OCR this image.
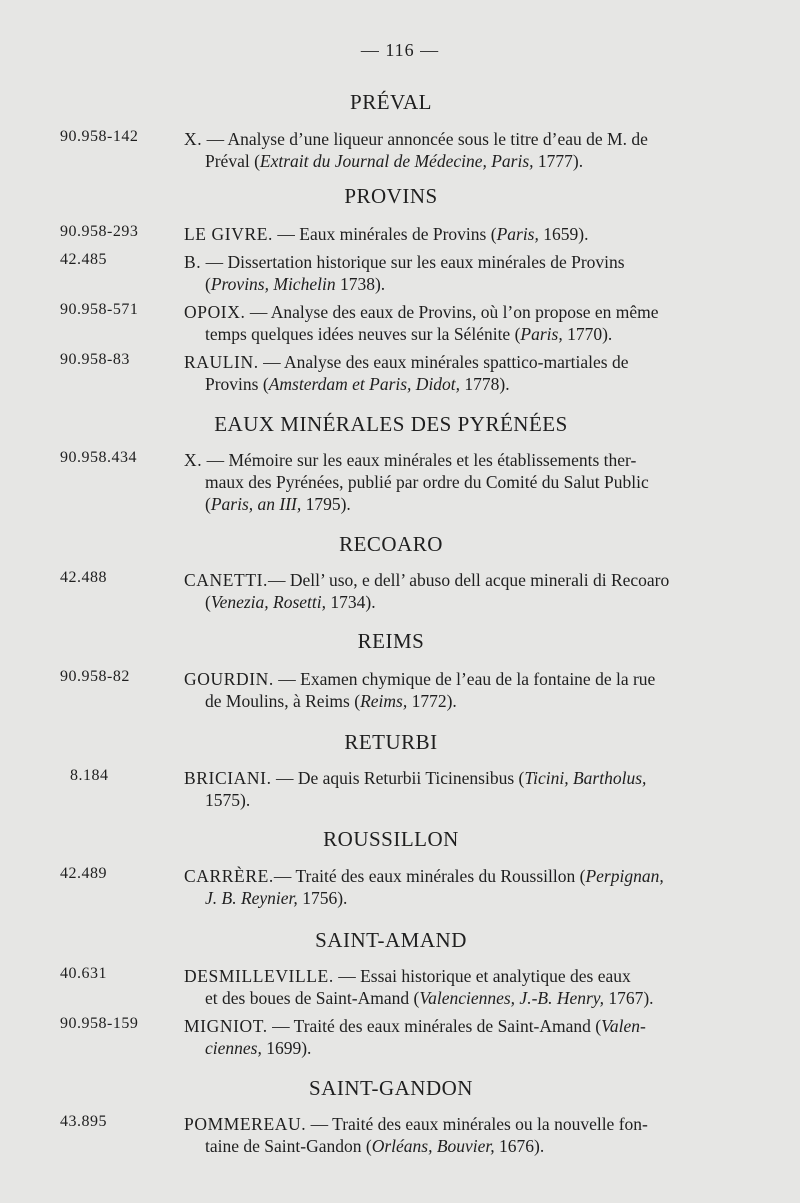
— 116 —
PRÉVAL
90.958-142	X. — Analyse d’une liqueur annoncée sous le titre d’eau de M. de
Préval (Extrait du Journal de Médecine, Paris, 1777).
PROVINS
90.958-293	LE GIVRE. — Eaux minérales de Provins (Paris, 1659).
42.485	B. — Dissertation historique sur les eaux minérales de Provins
(Provins, Michelin 1738).
90.958-571	OPOIX. — Analyse des eaux de Provins, où l’on propose en même
temps quelques idées neuves sur la Sélénite (Paris, 1770).
90.958-83	RAULIN. — Analyse des eaux minérales spattico-martiales de
Provins (Amsterdam et Paris, Didot, 1778).
EAUX MINÉRALES DES PYRÉNÉES
90.958.434	X. — Mémoire sur les eaux minérales et les établissements ther-
maux des Pyrénées, publié par ordre du Comité du Salut Public
(Paris, an III, 1795).
RECOARO
42.488	CANETTI.— Dell’ uso, e dell’ abuso dell acque minerali di Recoaro
(Venezia, Rosetti, 1734).
REIMS
90.958-82	GOURDIN. — Examen chymique de l’eau de la fontaine de la rue
de Moulins, à Reims (Reims, 1772).
RETURBI
8.184	BRICIANI. — De aquis Returbii Ticinensibus (Ticini, Bartholus,
1575).
ROUSSILLON
42.489	CARRÈRE.— Traité des eaux minérales du Roussillon (Perpignan,
J. B. Reynier, 1756).
SAINT-AMAND
40.631	DESMILLEVILLE. — Essai historique et analytique des eaux
et des boues de Saint-Amand (Valenciennes, J.-B. Henry, 1767).
90.958-159	MIGNIOT. — Traité des eaux minérales de Saint-Amand (Valen-
ciennes, 1699).
SAINT-GANDON
43.895	POMMEREAU. — Traité des eaux minérales ou la nouvelle fon-
taine de Saint-Gandon (Orléans, Bouvier, 1676).
